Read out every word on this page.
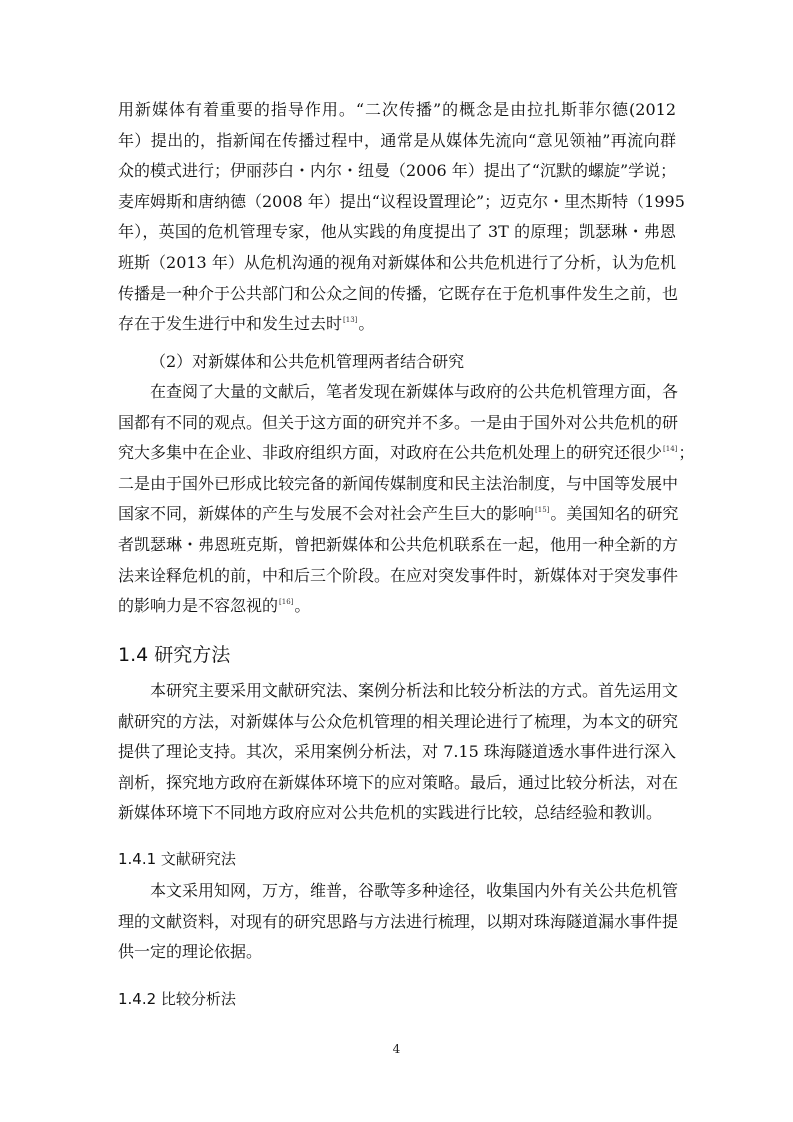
用新媒体有着重要的指导作用。“二次传播”的概念是由拉扎斯菲尔德(2012
年）提出的，指新闻在传播过程中，通常是从媒体先流向“意见领袖”再流向群
众的模式进行；伊丽莎白・内尔・纽曼（2006 年）提出了“沉默的螺旋”学说；
麦库姆斯和唐纳德（2008 年）提出“议程设置理论”；迈克尔・里杰斯特（1995
年），英国的危机管理专家，他从实践的角度提出了 3T 的原理；凯瑟琳・弗恩
班斯（2013 年）从危机沟通的视角对新媒体和公共危机进行了分析，认为危机
传播是一种介于公共部门和公众之间的传播，它既存在于危机事件发生之前，也
存在于发生进行中和发生过去时[13]。
（2）对新媒体和公共危机管理两者结合研究
在查阅了大量的文献后，笔者发现在新媒体与政府的公共危机管理方面，各
国都有不同的观点。但关于这方面的研究并不多。一是由于国外对公共危机的研
究大多集中在企业、非政府组织方面，对政府在公共危机处理上的研究还很少[14]；
二是由于国外已形成比较完备的新闻传媒制度和民主法治制度，与中国等发展中
国家不同，新媒体的产生与发展不会对社会产生巨大的影响[15]。美国知名的研究
者凯瑟琳・弗恩班克斯，曾把新媒体和公共危机联系在一起，他用一种全新的方
法来诠释危机的前，中和后三个阶段。在应对突发事件时，新媒体对于突发事件
的影响力是不容忽视的[16]。
1.4 研究方法
本研究主要采用文献研究法、案例分析法和比较分析法的方式。首先运用文
献研究的方法，对新媒体与公众危机管理的相关理论进行了梳理，为本文的研究
提供了理论支持。其次，采用案例分析法，对 7.15 珠海隧道透水事件进行深入
剖析，探究地方政府在新媒体环境下的应对策略。最后，通过比较分析法，对在
新媒体环境下不同地方政府应对公共危机的实践进行比较，总结经验和教训。
1.4.1 文献研究法
本文采用知网，万方，维普，谷歌等多种途径，收集国内外有关公共危机管
理的文献资料，对现有的研究思路与方法进行梳理，以期对珠海隧道漏水事件提
供一定的理论依据。
1.4.2 比较分析法
4
